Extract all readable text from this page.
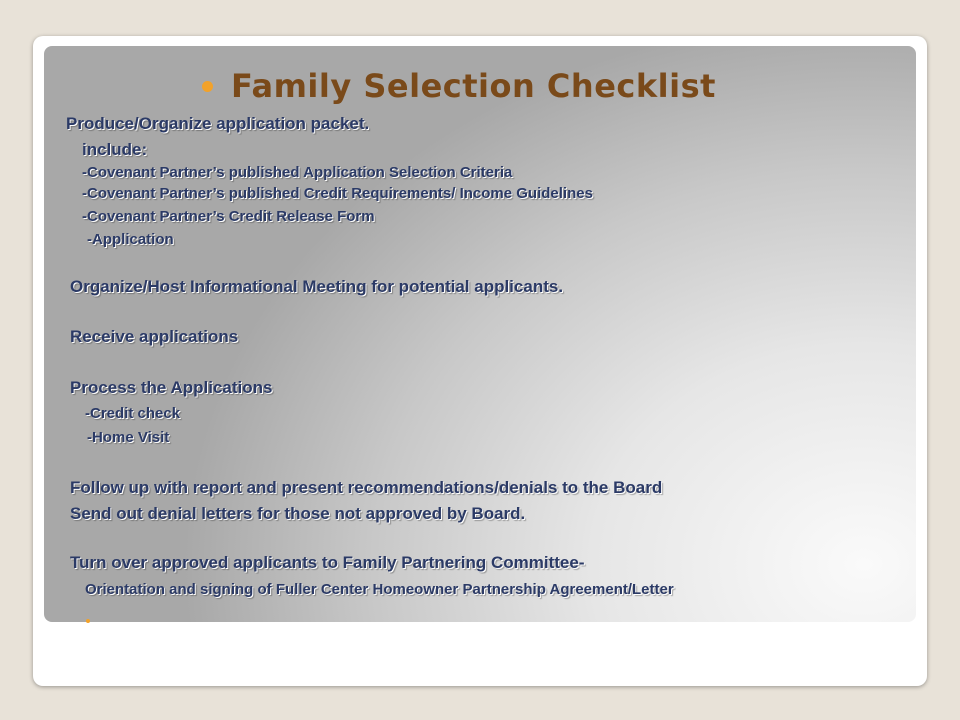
Family Selection Checklist
Produce/Organize application packet.
include:
-Covenant Partner’s published Application Selection Criteria
-Covenant Partner’s published Credit Requirements/ Income Guidelines
-Covenant Partner’s Credit Release Form
-Application
Organize/Host Informational Meeting for potential applicants.
Receive applications
Process the Applications
-Credit check
-Home Visit
Follow up with report and present recommendations/denials to the Board
Send out denial letters for those not approved by Board.
Turn over approved applicants to Family Partnering Committee-
Orientation and signing of Fuller Center Homeowner Partnership Agreement/Letter
